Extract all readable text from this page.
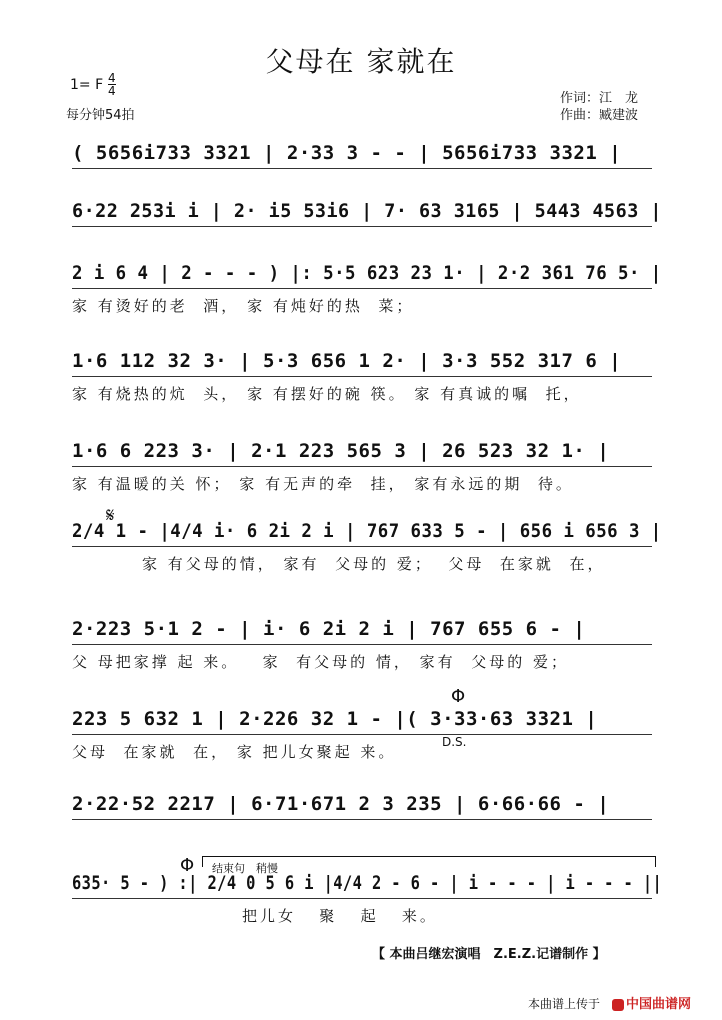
父母在 家就在
1= F $\frac{4}{4}$
每分钟54拍
作词：江　龙
作曲：臧建波
( 5656i733 3321 | 2·33 3 - - | 5656i733 3321 |
6·22 253i i | 2· i5 53i6 | 7· 63 3165 | 5443 4563 |
2 i 6 4 | 2 - - - ) |: 5·5 623 23 1· | 2·2 361 76 5· |
家 有烫好的老  酒， 家 有炖好的热  菜；
1·6 112 32 3· | 5·3 656 1 2· | 3·3 552 317 6 |
家 有烧热的炕  头， 家 有摆好的碗 筷。 家 有真诚的嘱  托，
1·6 6 223 3· | 2·1 223 565 3 | 26 523 32 1· |
家 有温暖的关 怀； 家 有无声的牵  挂， 家有永远的期  待。
2/4 1 - |4/4 i· 6 2i 2 i | 767 633 5 - | 656 i 656 3 |
家 有父母的情， 家有  父母的 爱；  父母  在家就  在，
2·223 5·1 2 - | i· 6 2i 2 i | 767 655 6 - |
父 母把家撑 起 来。   家  有父母的 情， 家有  父母的 爱；
223 5 632 1 | 2·226 32 1 - |( 3·33·63 3321 |
父母  在家就  在， 家 把儿女聚起 来。
2·22·52 2217 | 6·71·671 2 3 235 | 6·66·66 - |
635· 5 - ) :| 2/4 0 5 6 i |4/4 2 - 6 - | i - - - | i - - - ||
把儿女   聚   起   来。
𝄋
Φ
D.S.
Φ 结束句　稍慢
【 本曲吕继宏演唱　Z.E.Z.记谱制作 】
本曲谱上传于	中国曲谱网
